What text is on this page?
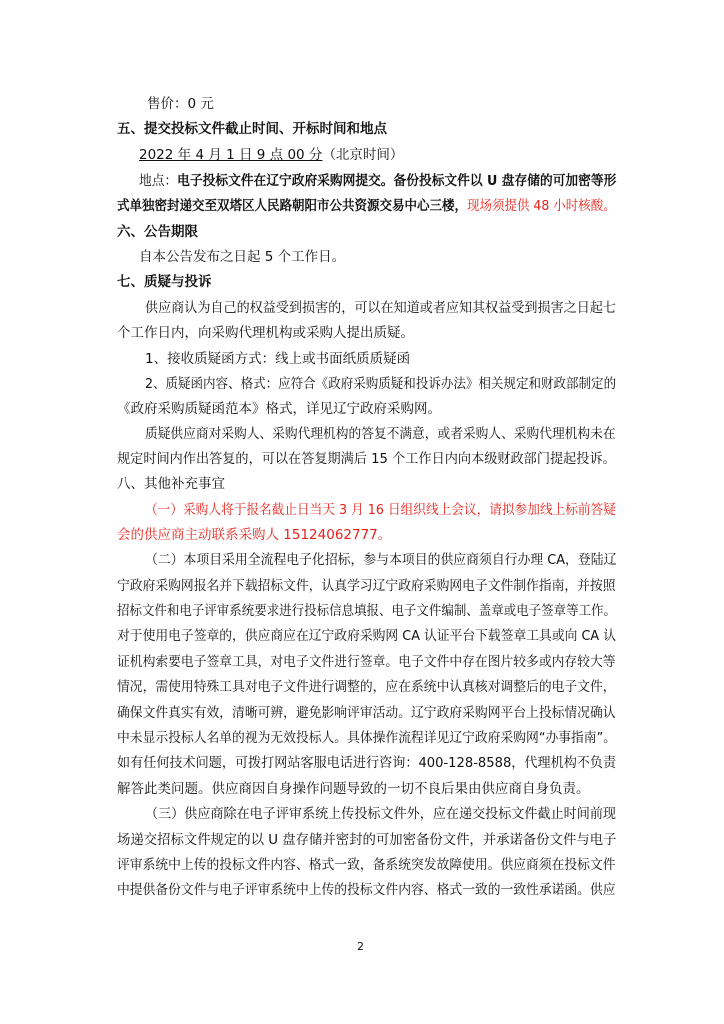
售价：0 元
五、提交投标文件截止时间、开标时间和地点
2022 年 4 月 1 日 9 点 00 分（北京时间）
地点：电子投标文件在辽宁政府采购网提交。备份投标文件以 U 盘存储的可加密等形
式单独密封递交至双塔区人民路朝阳市公共资源交易中心三楼，现场须提供 48 小时核酸。
六、公告期限
自本公告发布之日起 5 个工作日。
七、质疑与投诉
供应商认为自己的权益受到损害的，可以在知道或者应知其权益受到损害之日起七
个工作日内，向采购代理机构或采购人提出质疑。
1、接收质疑函方式：线上或书面纸质质疑函
2、质疑函内容、格式：应符合《政府采购质疑和投诉办法》相关规定和财政部制定的
《政府采购质疑函范本》格式，详见辽宁政府采购网。
质疑供应商对采购人、采购代理机构的答复不满意，或者采购人、采购代理机构未在
规定时间内作出答复的，可以在答复期满后 15 个工作日内向本级财政部门提起投诉。
八、其他补充事宜
（一）采购人将于报名截止日当天 3 月 16 日组织线上会议，请拟参加线上标前答疑
会的供应商主动联系采购人 15124062777。
（二）本项目采用全流程电子化招标，参与本项目的供应商须自行办理 CA，登陆辽
宁政府采购网报名并下载招标文件，认真学习辽宁政府采购网电子文件制作指南，并按照
招标文件和电子评审系统要求进行投标信息填报、电子文件编制、盖章或电子签章等工作。
对于使用电子签章的，供应商应在辽宁政府采购网 CA 认证平台下载签章工具或向 CA 认
证机构索要电子签章工具，对电子文件进行签章。电子文件中存在图片较多或内存较大等
情况，需使用特殊工具对电子文件进行调整的，应在系统中认真核对调整后的电子文件，
确保文件真实有效，清晰可辨，避免影响评审活动。辽宁政府采购网平台上投标情况确认
中未显示投标人名单的视为无效投标人。具体操作流程详见辽宁政府采购网“办事指南”。
如有任何技术问题，可拨打网站客服电话进行咨询：400-128-8588，代理机构不负责
解答此类问题。供应商因自身操作问题导致的一切不良后果由供应商自身负责。
（三）供应商除在电子评审系统上传投标文件外，应在递交投标文件截止时间前现
场递交招标文件规定的以 U 盘存储并密封的可加密备份文件，并承诺备份文件与电子
评审系统中上传的投标文件内容、格式一致，备系统突发故障使用。供应商须在投标文件
中提供备份文件与电子评审系统中上传的投标文件内容、格式一致的一致性承诺函。供应
2
